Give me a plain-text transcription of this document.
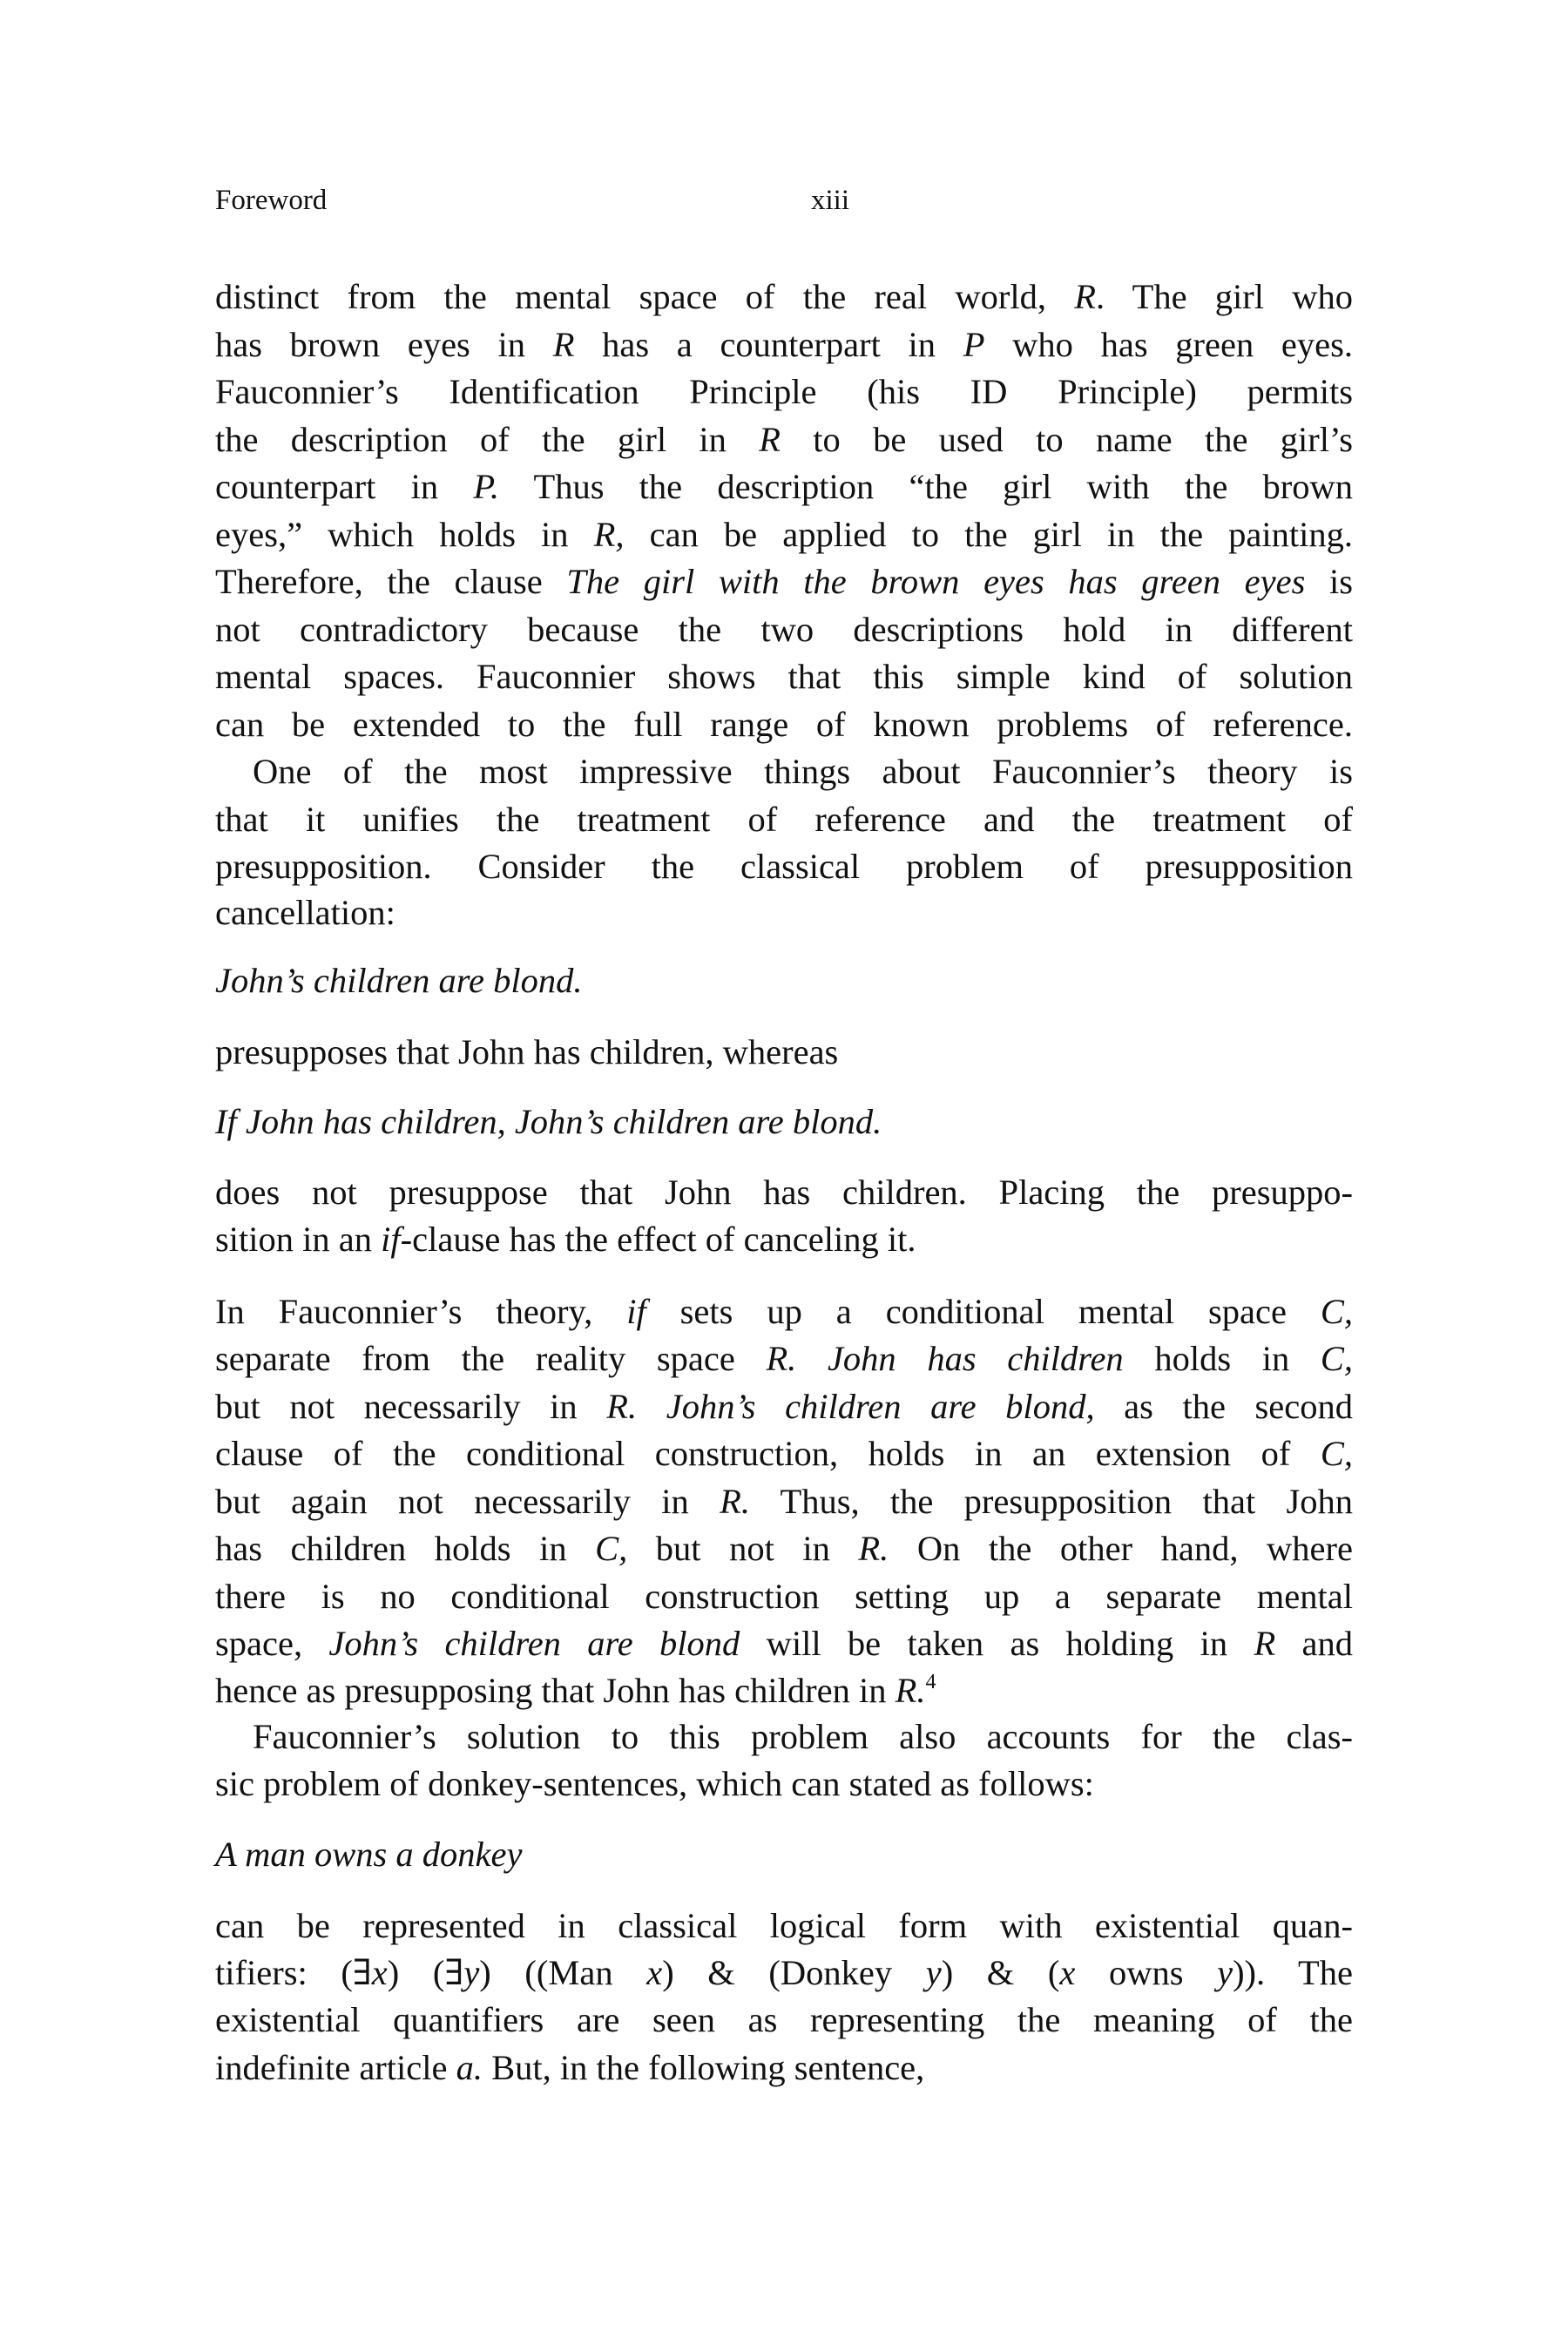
Foreword	xiii
distinct from the mental space of the real world, R. The girl who
has brown eyes in R has a counterpart in P who has green eyes.
Fauconnier’s Identification Principle (his ID Principle) permits
the description of the girl in R to be used to name the girl’s
counterpart in P. Thus the description “the girl with the brown
eyes,” which holds in R, can be applied to the girl in the painting.
Therefore, the clause The girl with the brown eyes has green eyes is
not contradictory because the two descriptions hold in different
mental spaces. Fauconnier shows that this simple kind of solution
can be extended to the full range of known problems of reference.
One of the most impressive things about Fauconnier’s theory is
that it unifies the treatment of reference and the treatment of
presupposition. Consider the classical problem of presupposition
cancellation:
John’s children are blond.
presupposes that John has children, whereas
If John has children, John’s children are blond.
does not presuppose that John has children. Placing the presuppo-
sition in an if-clause has the effect of canceling it.
In Fauconnier’s theory, if sets up a conditional mental space C,
separate from the reality space R. John has children holds in C,
but not necessarily in R. John’s children are blond, as the second
clause of the conditional construction, holds in an extension of C,
but again not necessarily in R. Thus, the presupposition that John
has children holds in C, but not in R. On the other hand, where
there is no conditional construction setting up a separate mental
space, John’s children are blond will be taken as holding in R and
hence as presupposing that John has children in R.$^4$
Fauconnier’s solution to this problem also accounts for the clas-
sic problem of donkey-sentences, which can stated as follows:
A man owns a donkey
can be represented in classical logical form with existential quan-
tifiers: (∃x) (∃y) ((Man x) & (Donkey y) & (x owns y)). The
existential quantifiers are seen as representing the meaning of the
indefinite article a. But, in the following sentence,
